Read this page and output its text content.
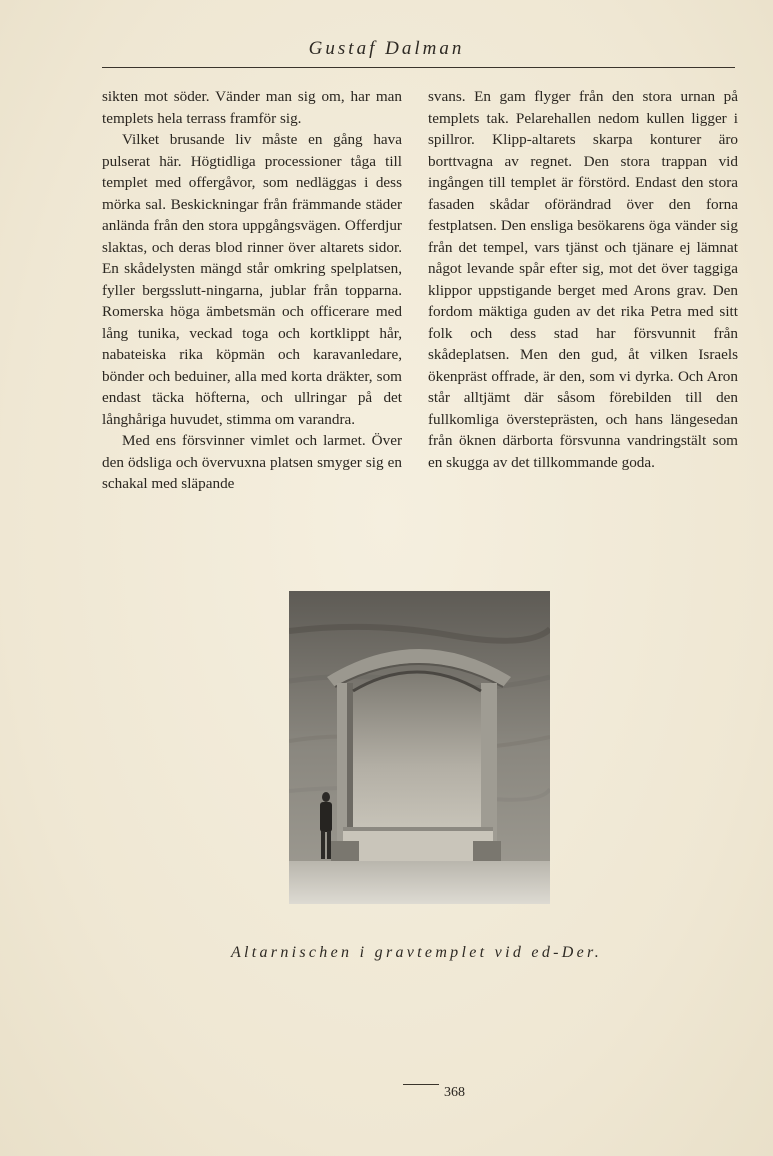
Gustaf Dalman

sikten mot söder. Vänder man sig om, har man templets hela terrass framför sig.

Vilket brusande liv måste en gång hava pulserat här. Högtidliga processioner tåga till templet med offergåvor, som nedläggas i dess mörka sal. Beskickningar från främmande städer anlända från den stora uppgångsvägen. Offerdjur slaktas, och deras blod rinner över altarets sidor. En skådelysten mängd står omkring spelplatsen, fyller bergsslutt-ningarna, jublar från topparna. Romerska höga ämbetsmän och officerare med lång tunika, veckad toga och kortklippt hår, nabateiska rika köpmän och karavanledare, bönder och beduiner, alla med korta dräkter, som endast täcka höfterna, och ullringar på det långhåriga huvudet, stimma om varandra.

Med ens försvinner vimlet och larmet. Över den ödsliga och övervuxna platsen smyger sig en schakal med släpande

svans. En gam flyger från den stora urnan på templets tak. Pelarehallen nedom kullen ligger i spillror. Klipp-altarets skarpa konturer äro borttvagna av regnet. Den stora trappan vid ingången till templet är förstörd. Endast den stora fasaden skådar oförändrad över den forna festplatsen. Den ensliga besökarens öga vänder sig från det tempel, vars tjänst och tjänare ej lämnat något levande spår efter sig, mot det över taggiga klippor uppstigande berget med Arons grav. Den fordom mäktiga guden av det rika Petra med sitt folk och dess stad har försvunnit från skådeplatsen. Men den gud, åt vilken Israels ökenpräst offrade, är den, som vi dyrka. Och Aron står alltjämt där såsom förebilden till den fullkomliga översteprästen, och hans längesedan från öknen därborta försvunna vandringstält som en skugga av det tillkommande goda.

Altarnischen i gravtemplet vid ed-Der.
368
